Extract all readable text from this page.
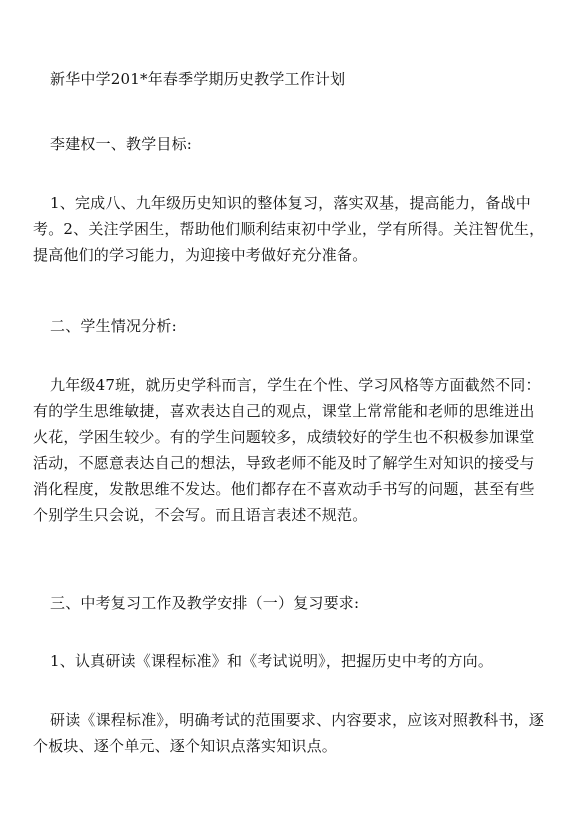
新华中学201*年春季学期历史教学工作计划

李建权一、教学目标:

1、完成八、九年级历史知识的整体复习，落实双基，提高能力，备战中考。2、关注学困生，帮助他们顺利结束初中学业，学有所得。关注智优生，提高他们的学习能力，为迎接中考做好充分准备。

二、学生情况分析:

九年级47班，就历史学科而言，学生在个性、学习风格等方面截然不同：有的学生思维敏捷，喜欢表达自己的观点，课堂上常常能和老师的思维迸出火花，学困生较少。有的学生问题较多，成绩较好的学生也不积极参加课堂活动，不愿意表达自己的想法，导致老师不能及时了解学生对知识的接受与消化程度，发散思维不发达。他们都存在不喜欢动手书写的问题，甚至有些个别学生只会说，不会写。而且语言表述不规范。

三、中考复习工作及教学安排（一）复习要求:

1、认真研读《课程标准》和《考试说明》，把握历史中考的方向。

研读《课程标准》，明确考试的范围要求、内容要求，应该对照教科书，逐个板块、逐个单元、逐个知识点落实知识点。
